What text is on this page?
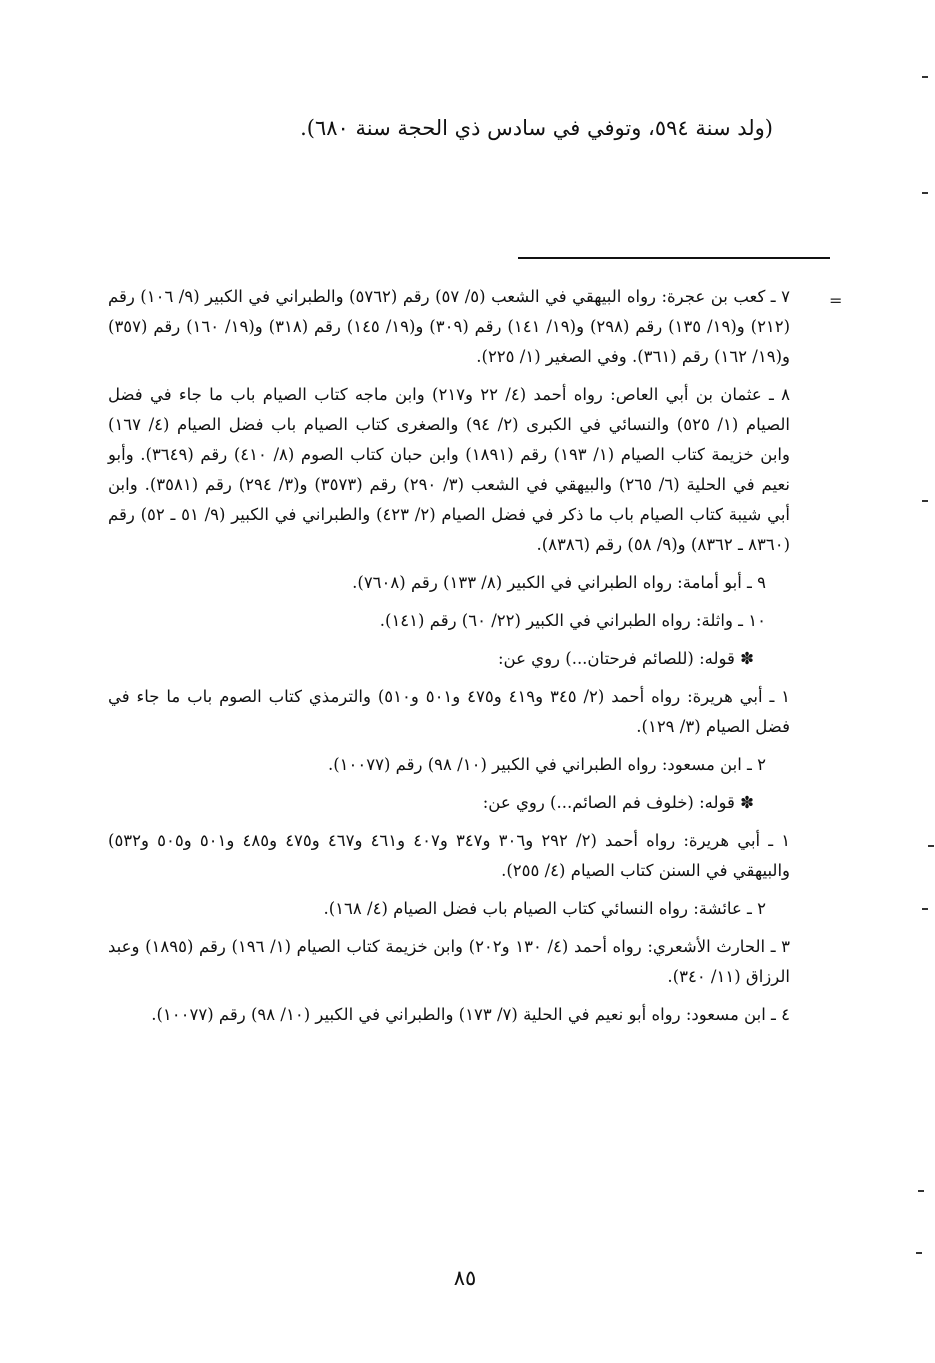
(ولد سنة ٥٩٤، وتوفي في سادس ذي الحجة سنة ٦٨٠).
=

٧ ـ كعب بن عجرة: رواه البيهقي في الشعب (٥/ ٥٧) رقم (٥٧٦٢) والطبراني في الكبير (٩/ ١٠٦) رقم (٢١٢) و(١٩/ ١٣٥) رقم (٢٩٨) و(١٩/ ١٤١) رقم (٣٠٩) و(١٩/ ١٤٥) رقم (٣١٨) و(١٩/ ١٦٠) رقم (٣٥٧) و(١٩/ ١٦٢) رقم (٣٦١). وفي الصغير (١/ ٢٢٥).

٨ ـ عثمان بن أبي العاص: رواه أحمد (٤/ ٢٢ و٢١٧) وابن ماجه كتاب الصيام باب ما جاء في فضل الصيام (١/ ٥٢٥) والنسائي في الكبرى (٢/ ٩٤) والصغرى كتاب الصيام باب فضل الصيام (٤/ ١٦٧) وابن خزيمة كتاب الصيام (١/ ١٩٣) رقم (١٨٩١) وابن حبان كتاب الصوم (٨/ ٤١٠) رقم (٣٦٤٩). وأبو نعيم في الحلية (٦/ ٢٦٥) والبيهقي في الشعب (٣/ ٢٩٠) رقم (٣٥٧٣) و(٣/ ٢٩٤) رقم (٣٥٨١). وابن أبي شيبة كتاب الصيام باب ما ذكر في فضل الصيام (٢/ ٤٢٣) والطبراني في الكبير (٩/ ٥١ ـ ٥٢) رقم (٨٣٦٠ ـ ٨٣٦٢) و(٩/ ٥٨) رقم (٨٣٨٦).

٩ ـ أبو أمامة: رواه الطبراني في الكبير (٨/ ١٣٣) رقم (٧٦٠٨).

١٠ ـ واثلة: رواه الطبراني في الكبير (٢٢/ ٦٠) رقم (١٤١).

✽ قوله: (للصائم فرحتان...) روي عن:

١ ـ أبي هريرة: رواه أحمد (٢/ ٣٤٥ و٤١٩ و٤٧٥ و٥٠١ و٥١٠) والترمذي كتاب الصوم باب ما جاء في فضل الصيام (٣/ ١٢٩).

٢ ـ ابن مسعود: رواه الطبراني في الكبير (١٠/ ٩٨) رقم (١٠٠٧٧).

✽ قوله: (خلوف فم الصائم...) روي عن:

١ ـ أبي هريرة: رواه أحمد (٢/ ٢٩٢ و٣٠٦ و٣٤٧ و٤٠٧ و٤٦١ و٤٦٧ و٤٧٥ و٤٨٥ و٥٠١ و٥٠٥ و٥٣٢) والبيهقي في السنن كتاب الصيام (٤/ ٢٥٥).

٢ ـ عائشة: رواه النسائي كتاب الصيام باب فضل الصيام (٤/ ١٦٨).

٣ ـ الحارث الأشعري: رواه أحمد (٤/ ١٣٠ و٢٠٢) وابن خزيمة كتاب الصيام (١/ ١٩٦) رقم (١٨٩٥) وعبد الرزاق (١١/ ٣٤٠).

٤ ـ ابن مسعود: رواه أبو نعيم في الحلية (٧/ ١٧٣) والطبراني في الكبير (١٠/ ٩٨) رقم (١٠٠٧٧).

٨٥
